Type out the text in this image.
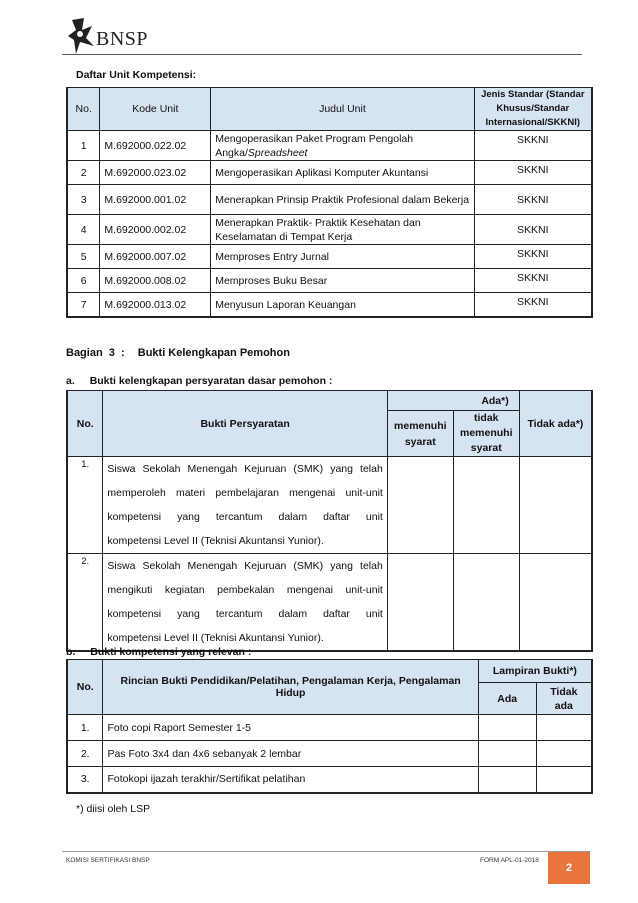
BNSP
Daftar Unit Kompetensi:
No.	Kode Unit	Judul Unit	Jenis Standar (Standar Khusus/Standar Internasional/SKKNI)
1	M.692000.022.02	Mengoperasikan Paket Program Pengolah Angka/Spreadsheet	SKKNI
2	M.692000.023.02	Mengoperasikan Aplikasi Komputer Akuntansi	SKKNI
3	M.692000.001.02	Menerapkan Prinsip Praktik Profesional dalam Bekerja	SKKNI
4	M.692000.002.02	Menerapkan Praktik- Praktik Kesehatan dan Keselamatan di Tempat Kerja	SKKNI
5	M.692000.007.02	Memproses Entry Jurnal	SKKNI
6	M.692000.008.02	Memproses Buku Besar	SKKNI
7	M.692000.013.02	Menyusun Laporan Keuangan	SKKNI
Bagian  3  : Bukti Kelengkapan Pemohon
a. Bukti kelengkapan persyaratan dasar pemohon :
No.	Bukti Persyaratan	Ada*)		Tidak ada*)
		memenuhi syarat	tidak memenuhi syarat	
1.	Siswa Sekolah Menengah Kejuruan (SMK) yang telah
memperoleh materi pembelajaran mengenai unit-unit
kompetensi yang tercantum dalam daftar unit
kompetensi Level II (Teknisi Akuntansi Yunior).			

2.	Siswa Sekolah Menengah Kejuruan (SMK) yang telah
mengikuti kegiatan pembekalan mengenai unit-unit
kompetensi yang tercantum dalam daftar unit
kompetensi Level II (Teknisi Akuntansi Yunior).			

b. Bukti kompetensi yang relevan :
No.	Rincian Bukti Pendidikan/Pelatihan, Pengalaman Kerja, Pengalaman Hidup	Lampiran Bukti*)	
		Ada	Tidak ada
1.	Foto copi Raport Semester 1-5		
2.	Pas Foto 3x4 dan 4x6 sebanyak 2 lembar		
3.	Fotokopi ijazah terakhir/Sertifikat pelatihan		
*) diisi oleh LSP
KOMISI SERTIFIKASI BNSP	FORM APL-01-2018
2
